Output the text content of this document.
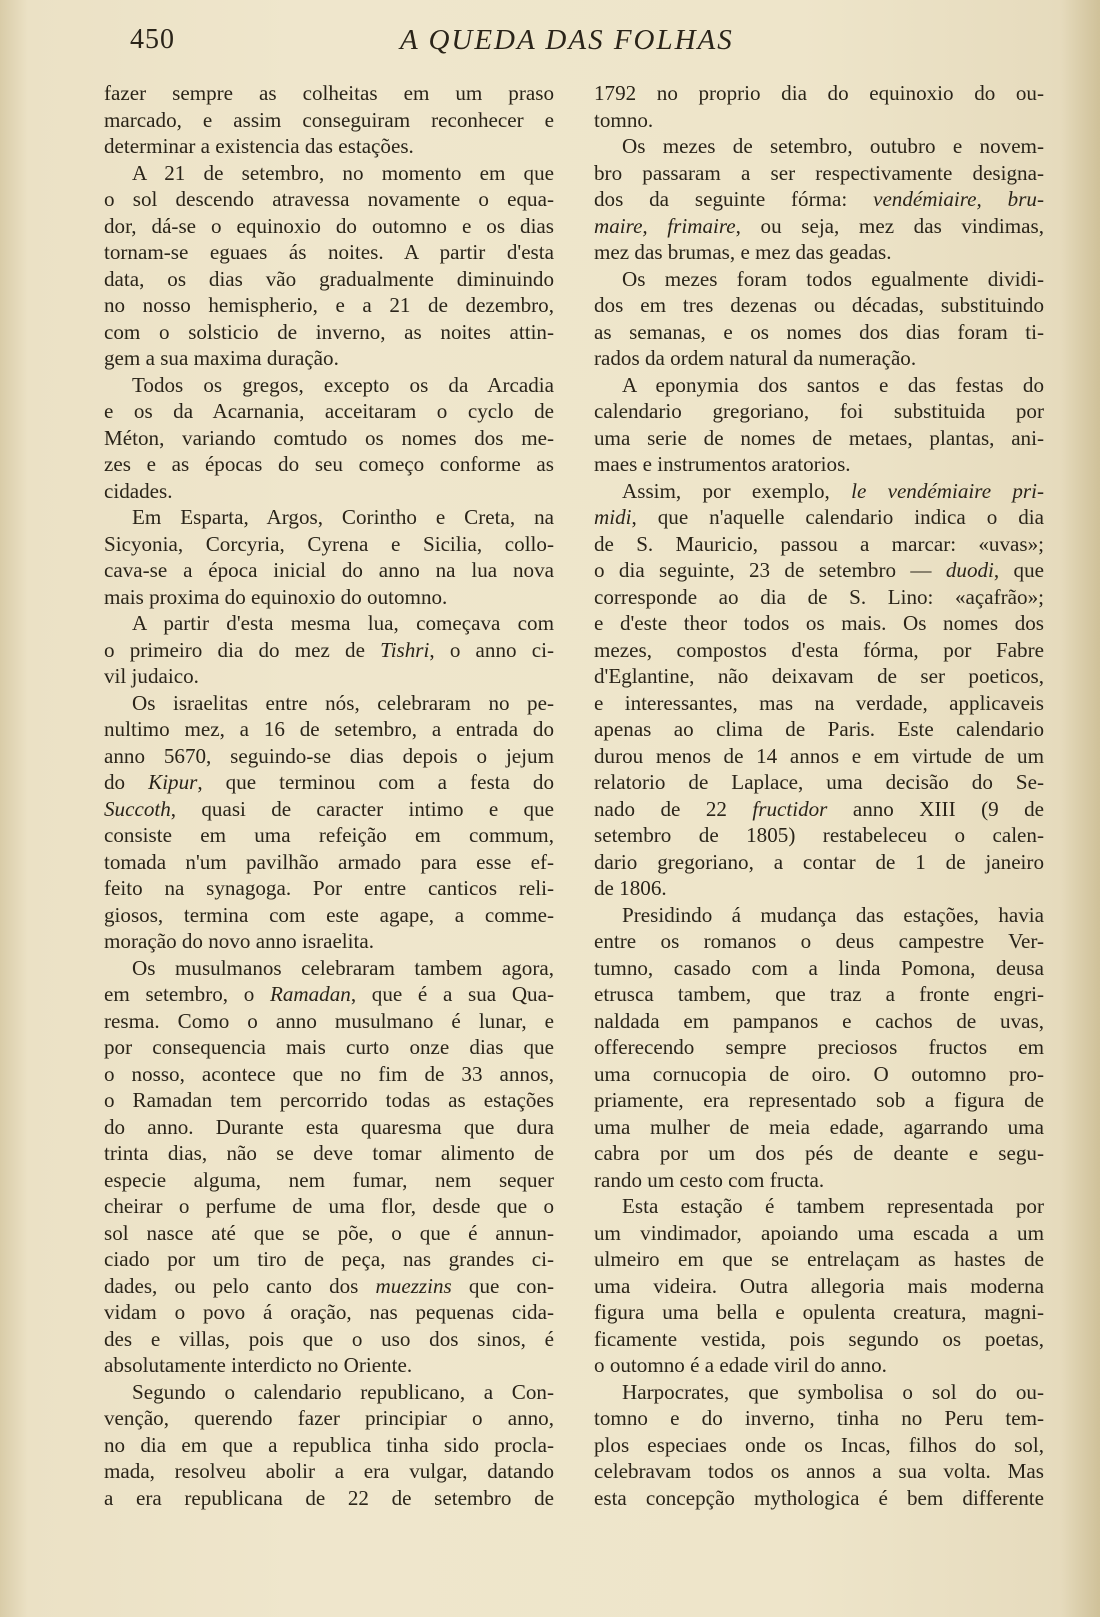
450	A QUEDA DAS FOLHAS
fazer sempre as colheitas em um praso
marcado, e assim conseguiram reconhecer e
determinar a existencia das estações.
A 21 de setembro, no momento em que
o sol descendo atravessa novamente o equa-
dor, dá-se o equinoxio do outomno e os dias
tornam-se eguaes ás noites. A partir d'esta
data, os dias vão gradualmente diminuindo
no nosso hemispherio, e a 21 de dezembro,
com o solsticio de inverno, as noites attin-
gem a sua maxima duração.
Todos os gregos, excepto os da Arcadia
e os da Acarnania, acceitaram o cyclo de
Méton, variando comtudo os nomes dos me-
zes e as épocas do seu começo conforme as
cidades.
Em Esparta, Argos, Corintho e Creta, na
Sicyonia, Corcyria, Cyrena e Sicilia, collo-
cava-se a época inicial do anno na lua nova
mais proxima do equinoxio do outomno.
A partir d'esta mesma lua, começava com
o primeiro dia do mez de Tishri, o anno ci-
vil judaico.
Os israelitas entre nós, celebraram no pe-
nultimo mez, a 16 de setembro, a entrada do
anno 5670, seguindo-se dias depois o jejum
do Kipur, que terminou com a festa do
Succoth, quasi de caracter intimo e que
consiste em uma refeição em commum,
tomada n'um pavilhão armado para esse ef-
feito na synagoga. Por entre canticos reli-
giosos, termina com este agape, a comme-
moração do novo anno israelita.
Os musulmanos celebraram tambem agora,
em setembro, o Ramadan, que é a sua Qua-
resma. Como o anno musulmano é lunar, e
por consequencia mais curto onze dias que
o nosso, acontece que no fim de 33 annos,
o Ramadan tem percorrido todas as estações
do anno. Durante esta quaresma que dura
trinta dias, não se deve tomar alimento de
especie alguma, nem fumar, nem sequer
cheirar o perfume de uma flor, desde que o
sol nasce até que se põe, o que é annun-
ciado por um tiro de peça, nas grandes ci-
dades, ou pelo canto dos muezzins que con-
vidam o povo á oração, nas pequenas cida-
des e villas, pois que o uso dos sinos, é
absolutamente interdicto no Oriente.
Segundo o calendario republicano, a Con-
venção, querendo fazer principiar o anno,
no dia em que a republica tinha sido procla-
mada, resolveu abolir a era vulgar, datando
a era republicana de 22 de setembro de
1792 no proprio dia do equinoxio do ou-
tomno.
Os mezes de setembro, outubro e novem-
bro passaram a ser respectivamente designa-
dos da seguinte fórma: vendémiaire, bru-
maire, frimaire, ou seja, mez das vindimas,
mez das brumas, e mez das geadas.
Os mezes foram todos egualmente dividi-
dos em tres dezenas ou décadas, substituindo
as semanas, e os nomes dos dias foram ti-
rados da ordem natural da numeração.
A eponymia dos santos e das festas do
calendario gregoriano, foi substituida por
uma serie de nomes de metaes, plantas, ani-
maes e instrumentos aratorios.
Assim, por exemplo, le vendémiaire pri-
midi, que n'aquelle calendario indica o dia
de S. Mauricio, passou a marcar: «uvas»;
o dia seguinte, 23 de setembro — duodi, que
corresponde ao dia de S. Lino: «açafrão»;
e d'este theor todos os mais. Os nomes dos
mezes, compostos d'esta fórma, por Fabre
d'Eglantine, não deixavam de ser poeticos,
e interessantes, mas na verdade, applicaveis
apenas ao clima de Paris. Este calendario
durou menos de 14 annos e em virtude de um
relatorio de Laplace, uma decisão do Se-
nado de 22 fructidor anno XIII (9 de
setembro de 1805) restabeleceu o calen-
dario gregoriano, a contar de 1 de janeiro
de 1806.
Presidindo á mudança das estações, havia
entre os romanos o deus campestre Ver-
tumno, casado com a linda Pomona, deusa
etrusca tambem, que traz a fronte engri-
naldada em pampanos e cachos de uvas,
offerecendo sempre preciosos fructos em
uma cornucopia de oiro. O outomno pro-
priamente, era representado sob a figura de
uma mulher de meia edade, agarrando uma
cabra por um dos pés de deante e segu-
rando um cesto com fructa.
Esta estação é tambem representada por
um vindimador, apoiando uma escada a um
ulmeiro em que se entrelaçam as hastes de
uma videira. Outra allegoria mais moderna
figura uma bella e opulenta creatura, magni-
ficamente vestida, pois segundo os poetas,
o outomno é a edade viril do anno.
Harpocrates, que symbolisa o sol do ou-
tomno e do inverno, tinha no Peru tem-
plos especiaes onde os Incas, filhos do sol,
celebravam todos os annos a sua volta. Mas
esta concepção mythologica é bem differente
